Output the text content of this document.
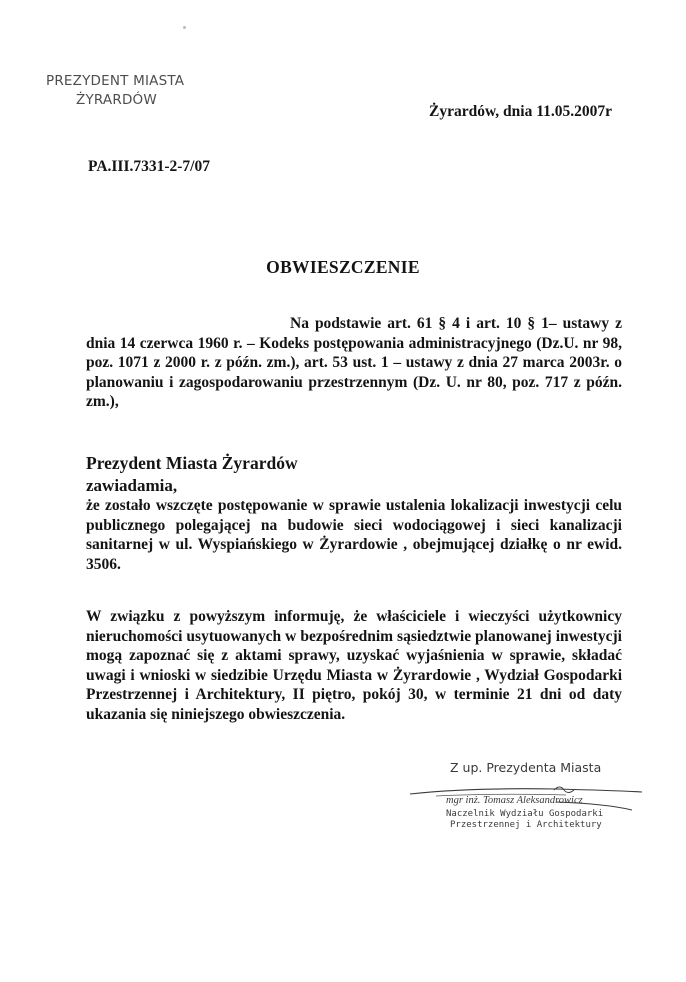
PREZYDENT MIASTA
ŻYRARDÓW
Żyrardów, dnia 11.05.2007r
PA.III.7331-2-7/07
OBWIESZCZENIE
Na podstawie art. 61 § 4 i art. 10 § 1– ustawy z dnia 14 czerwca 1960 r. – Kodeks postępowania administracyjnego (Dz.U. nr 98, poz. 1071 z 2000 r. z późn. zm.), art. 53 ust. 1 – ustawy z dnia 27 marca 2003r. o planowaniu i zagospodarowaniu przestrzennym (Dz. U. nr 80, poz. 717 z późn. zm.),
Prezydent Miasta Żyrardów
zawiadamia,
że zostało wszczęte postępowanie w sprawie ustalenia lokalizacji inwestycji celu publicznego polegającej na budowie sieci wodociągowej i sieci kanalizacji sanitarnej w ul. Wyspiańskiego w Żyrardowie , obejmującej działkę o nr ewid. 3506.
W związku z powyższym informuję, że właściciele i wieczyści użytkownicy nieruchomości usytuowanych w bezpośrednim sąsiedztwie planowanej inwestycji mogą zapoznać się z aktami sprawy, uzyskać wyjaśnienia w sprawie, składać uwagi i wnioski w siedzibie Urzędu Miasta w Żyrardowie , Wydział Gospodarki Przestrzennej i Architektury, II piętro, pokój 30, w terminie 21 dni od daty ukazania się niniejszego obwieszczenia.
Z up. Prezydenta Miasta
mgr inż. Tomasz Aleksandrowicz
Naczelnik Wydziału Gospodarki
Przestrzennej i Architektury
